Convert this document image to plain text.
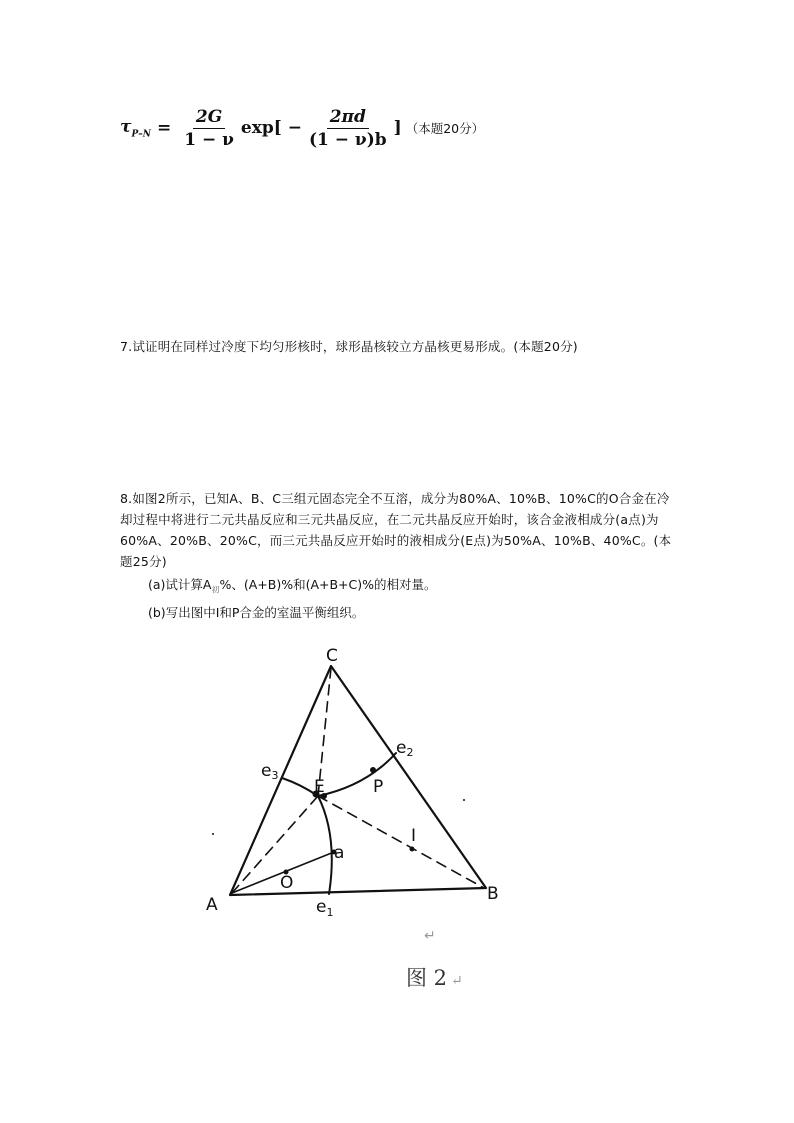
$\tau_{P-N} = \frac{2G}{1 - \nu} \exp[ - \frac{2\pi d}{(1 - \nu)b}$ ] （本题20分）
7.试证明在同样过冷度下均匀形核时，球形晶核较立方晶核更易形成。(本题20分)
8.如图2所示，已知A、B、C三组元固态完全不互溶，成分为80%A、10%B、10%C的O合金在冷却过程中将进行二元共晶反应和三元共晶反应，在二元共晶反应开始时，该合金液相成分(a点)为60%A、20%B、20%C，而三元共晶反应开始时的液相成分(E点)为50%A、10%B、40%C。(本题25分)
(a)试计算$A_初\%$、(A+B)%和(A+B+C)%的相对量。
(b)写出图中I和P合金的室温平衡组织。
C
A
B
$e_1$
e2
e3
E	P
I
a
O
↵
图 2 ↵
